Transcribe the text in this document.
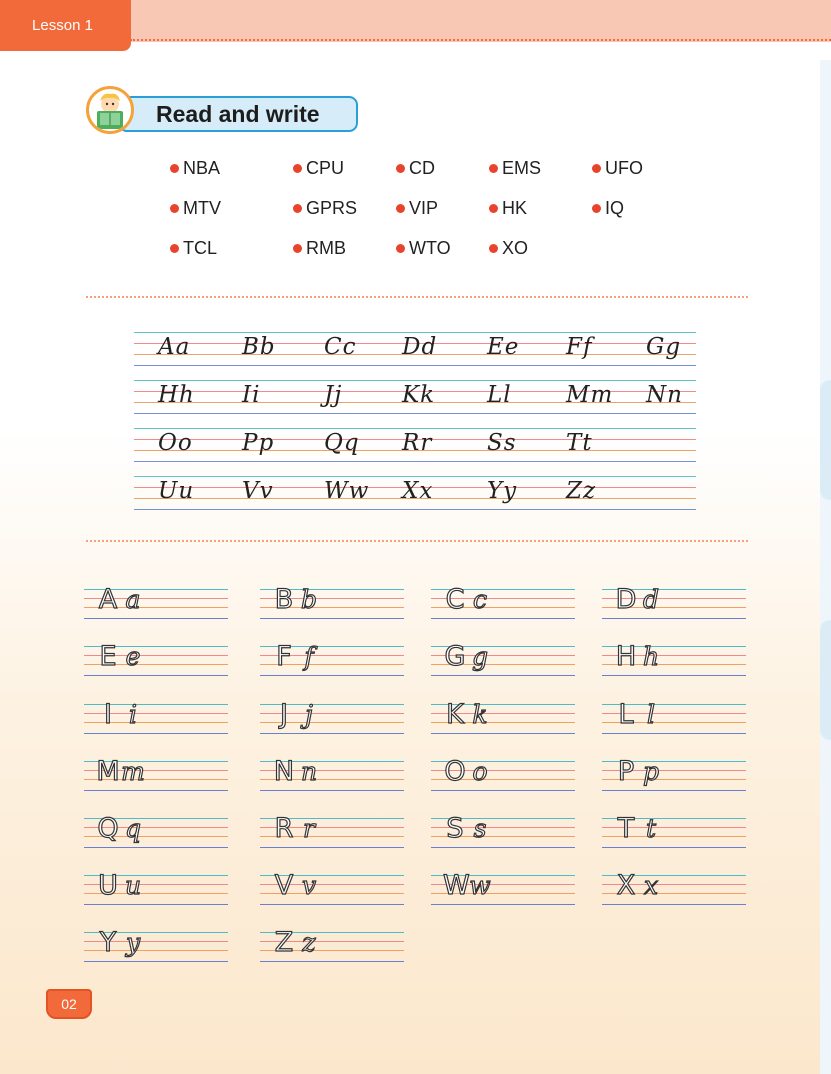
Lesson 1
Read and write
NBA	CPU	CD	EMS	UFO
MTV	GPRS	VIP	HK	IQ
TCL	RMB	WTO	XO
Aa Bb Cc Dd Ee Ff Gg
Hh Ii	Jj	Kk Ll Mm Nn
Oo Pp Qq Rr Ss Tt
Uu Vv Ww Xx Yy Zz
A a	B b	C c	D d
E e	F f	G g	H h
I i	J j	K k	L l
Mm	N n	O o	P p
Q q	R r	S s	T t
U u	V v	Ww	X x
Y y	Z z
02
